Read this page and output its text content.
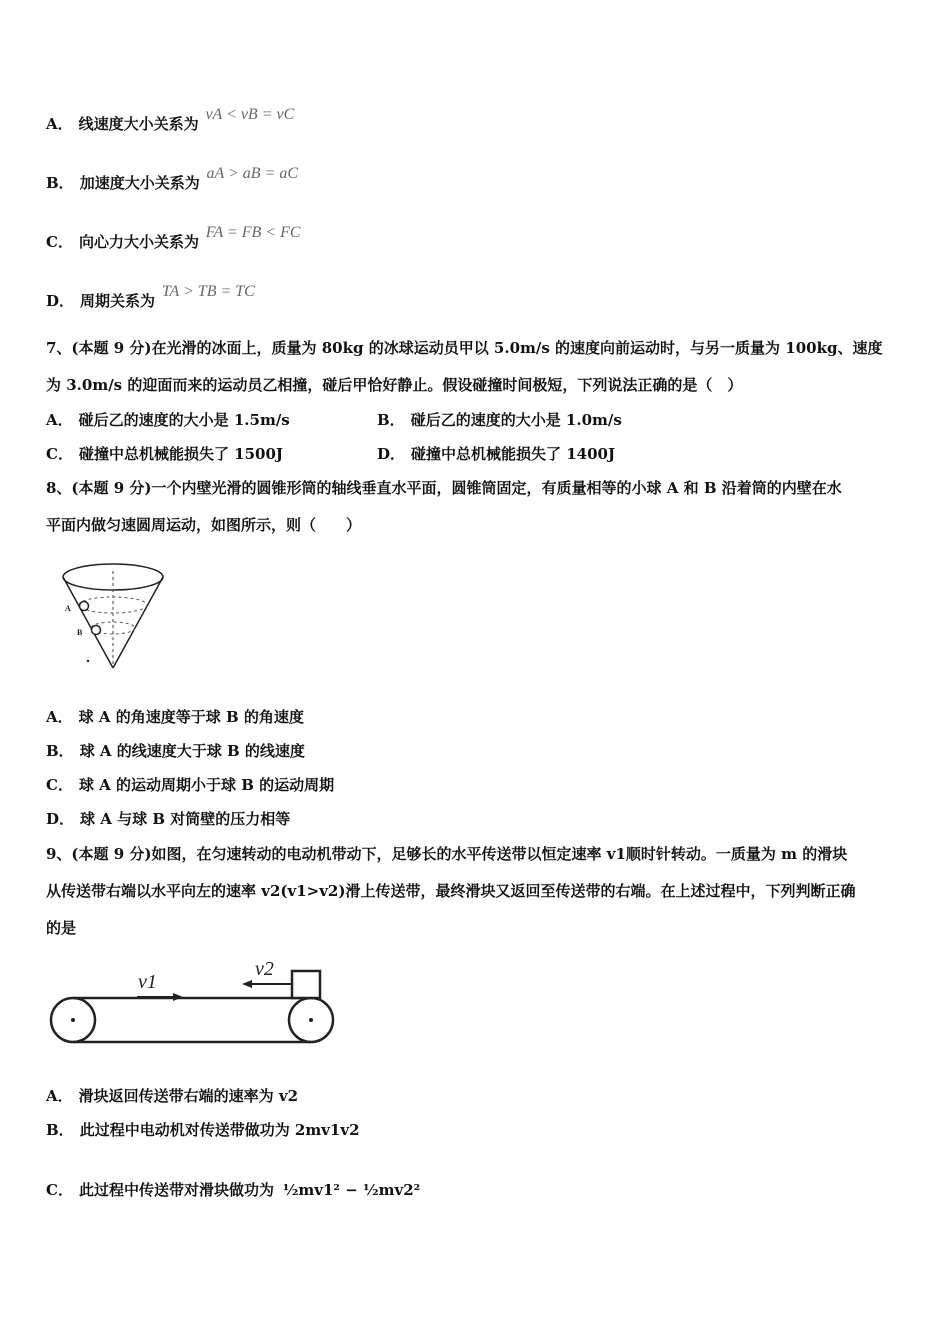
A． 线速度大小关系为 vA < vB = vC
B． 加速度大小关系为 aA > aB = aC
C． 向心力大小关系为 FA = FB < FC
D． 周期关系为 TA > TB = TC
7、(本题 9 分)在光滑的冰面上，质量为 80kg 的冰球运动员甲以 5.0m/s 的速度向前运动时，与另一质量为 100kg、速度
为 3.0m/s 的迎面而来的运动员乙相撞，碰后甲恰好静止。假设碰撞时间极短，下列说法正确的是（　）
A． 碰后乙的速度的大小是 1.5m/s	B． 碰后乙的速度的大小是 1.0m/s
C． 碰撞中总机械能损失了 1500J	D． 碰撞中总机械能损失了 1400J
8、(本题 9 分)一个内壁光滑的圆锥形筒的轴线垂直水平面，圆锥筒固定，有质量相等的小球 A 和 B 沿着筒的内壁在水
平面内做匀速圆周运动，如图所示，则（　　）
A
B
A． 球 A 的角速度等于球 B 的角速度
B． 球 A 的线速度大于球 B 的线速度
C． 球 A 的运动周期小于球 B 的运动周期
D． 球 A 与球 B 对筒壁的压力相等
9、(本题 9 分)如图，在匀速转动的电动机带动下，足够长的水平传送带以恒定速率 v1顺时针转动。一质量为 m 的滑块
从传送带右端以水平向左的速率 v2(v1>v2)滑上传送带，最终滑块又返回至传送带的右端。在上述过程中，下列判断正确
的是
v1
v2
A． 滑块返回传送带右端的速率为 v2
B． 此过程中电动机对传送带做功为 2mv1v2
C． 此过程中传送带对滑块做功为 ½mv1² − ½mv2²
